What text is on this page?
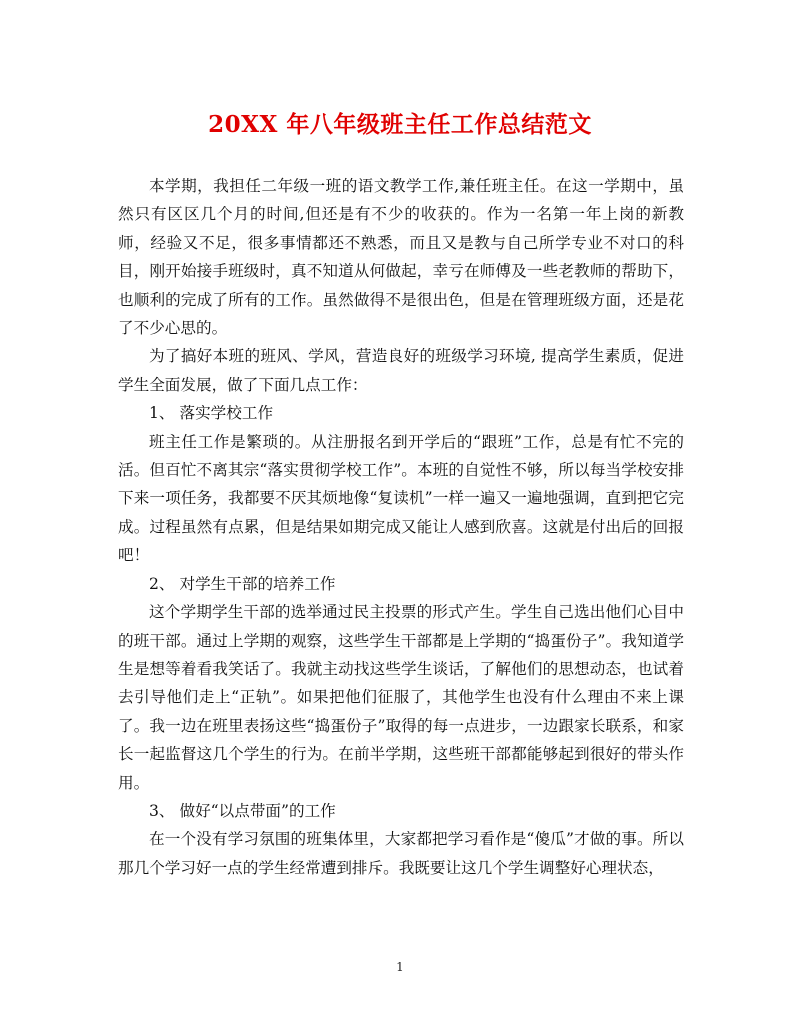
20XX 年八年级班主任工作总结范文

本学期，我担任二年级一班的语文教学工作,兼任班主任。在这一学期中，虽然只有区区几个月的时间,但还是有不少的收获的。作为一名第一年上岗的新教师，经验又不足，很多事情都还不熟悉，而且又是教与自己所学专业不对口的科目，刚开始接手班级时，真不知道从何做起，幸亏在师傅及一些老教师的帮助下，也顺利的完成了所有的工作。虽然做得不是很出色，但是在管理班级方面，还是花了不少心思的。

为了搞好本班的班风、学风，营造良好的班级学习环境, 提高学生素质，促进学生全面发展，做了下面几点工作：

1、 落实学校工作

班主任工作是繁琐的。从注册报名到开学后的“跟班”工作，总是有忙不完的活。但百忙不离其宗“落实贯彻学校工作”。本班的自觉性不够，所以每当学校安排下来一项任务，我都要不厌其烦地像“复读机”一样一遍又一遍地强调，直到把它完成。过程虽然有点累，但是结果如期完成又能让人感到欣喜。这就是付出后的回报吧！

2、 对学生干部的培养工作

这个学期学生干部的选举通过民主投票的形式产生。学生自己选出他们心目中的班干部。通过上学期的观察，这些学生干部都是上学期的“捣蛋份子”。我知道学生是想等着看我笑话了。我就主动找这些学生谈话，了解他们的思想动态，也试着去引导他们走上“正轨”。如果把他们征服了，其他学生也没有什么理由不来上课了。我一边在班里表扬这些“捣蛋份子”取得的每一点进步，一边跟家长联系，和家长一起监督这几个学生的行为。在前半学期，这些班干部都能够起到很好的带头作用。

3、 做好“以点带面”的工作

在一个没有学习氛围的班集体里，大家都把学习看作是“傻瓜”才做的事。所以那几个学习好一点的学生经常遭到排斥。我既要让这几个学生调整好心理状态，

1
